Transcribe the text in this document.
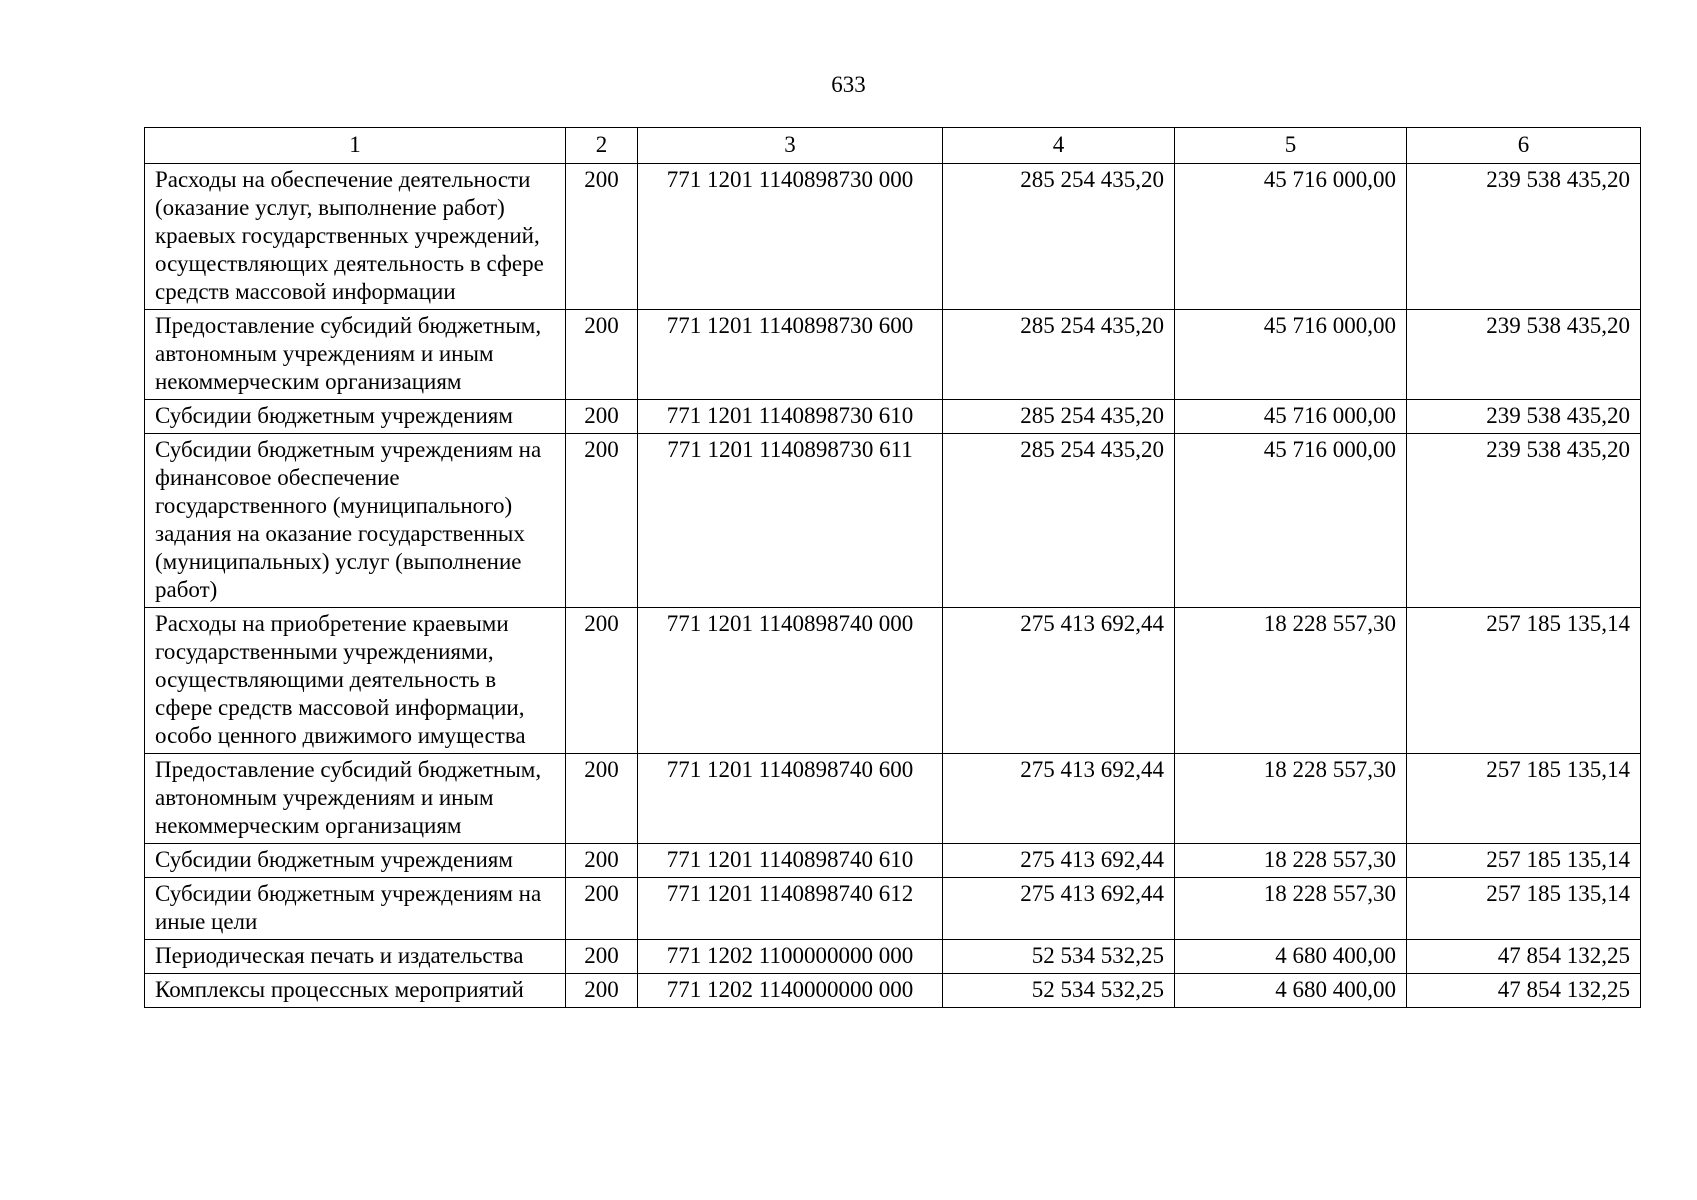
633
1	2	3	4	5	6
Расходы на обеспечение деятельности (оказание услуг, выполнение работ) краевых государственных учреждений, осуществляющих деятельность в сфере средств массовой информации	200	771 1201 1140898730 000	285 254 435,20	45 716 000,00	239 538 435,20
Предоставление субсидий бюджетным, автономным учреждениям и иным некоммерческим организациям	200	771 1201 1140898730 600	285 254 435,20	45 716 000,00	239 538 435,20
Субсидии бюджетным учреждениям	200	771 1201 1140898730 610	285 254 435,20	45 716 000,00	239 538 435,20
Субсидии бюджетным учреждениям на финансовое обеспечение государственного (муниципального) задания на оказание государственных (муниципальных) услуг (выполнение работ)	200	771 1201 1140898730 611	285 254 435,20	45 716 000,00	239 538 435,20
Расходы на приобретение краевыми государственными учреждениями, осуществляющими деятельность в сфере средств массовой информации, особо ценного движимого имущества	200	771 1201 1140898740 000	275 413 692,44	18 228 557,30	257 185 135,14
Предоставление субсидий бюджетным, автономным учреждениям и иным некоммерческим организациям	200	771 1201 1140898740 600	275 413 692,44	18 228 557,30	257 185 135,14
Субсидии бюджетным учреждениям	200	771 1201 1140898740 610	275 413 692,44	18 228 557,30	257 185 135,14
Субсидии бюджетным учреждениям на иные цели	200	771 1201 1140898740 612	275 413 692,44	18 228 557,30	257 185 135,14
Периодическая печать и издательства	200	771 1202 1100000000 000	52 534 532,25	4 680 400,00	47 854 132,25
Комплексы процессных мероприятий	200	771 1202 1140000000 000	52 534 532,25	4 680 400,00	47 854 132,25
